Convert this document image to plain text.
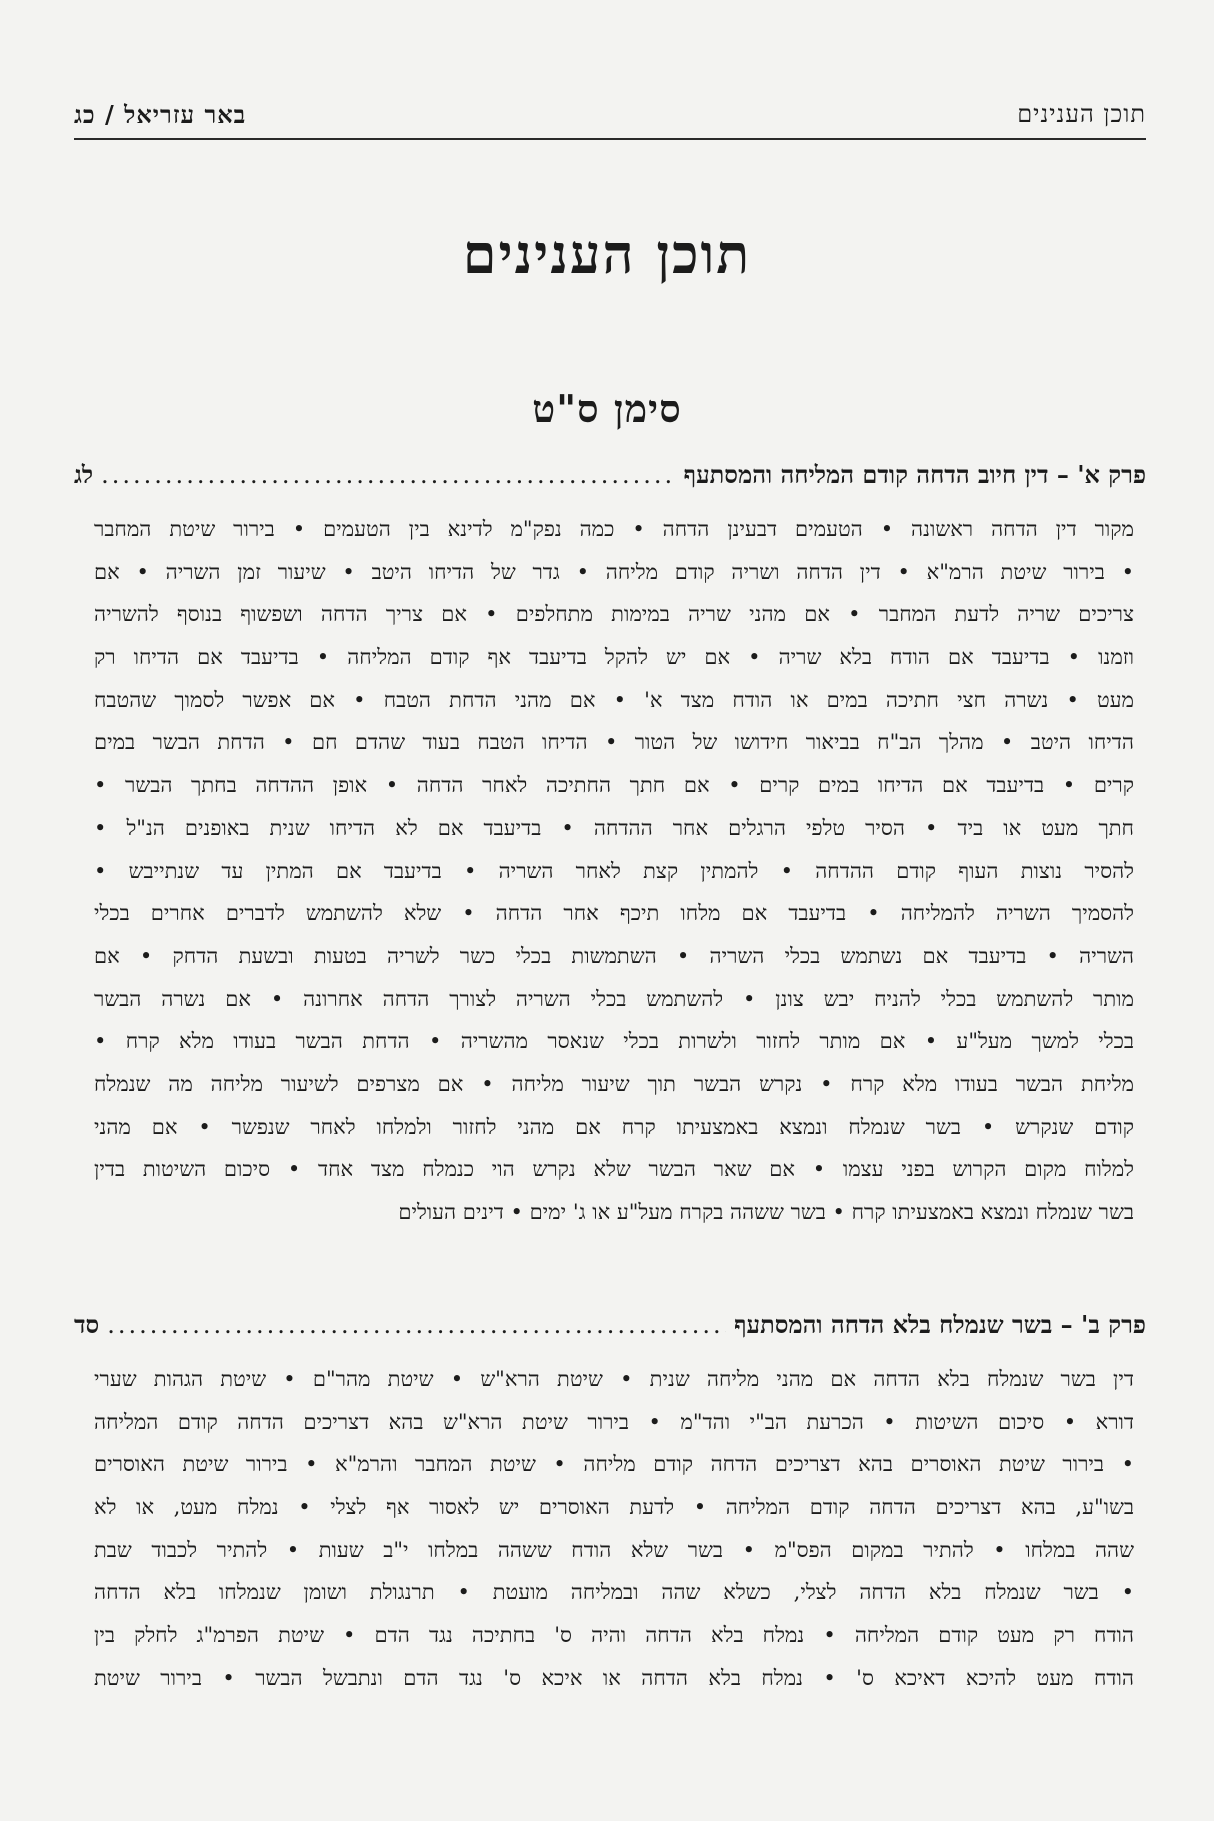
תוכן הענינים
באר עזריאל / כג
תוכן הענינים
סימן ס"ט
פרק א' – דין חיוב הדחה קודם המליחה והמסתעף
.....
לג
מקור דין הדחה ראשונה • הטעמים דבעינן הדחה • כמה נפק"מ לדינא בין הטעמים • בירור שיטת המחבר
• בירור שיטת הרמ"א • דין הדחה ושריה קודם מליחה • גדר של הדיחו היטב • שיעור זמן השריה • אם
צריכים שריה לדעת המחבר • אם מהני שריה במימות מתחלפים • אם צריך הדחה ושפשוף בנוסף להשריה
וזמנו • בדיעבד אם הודח בלא שריה • אם יש להקל בדיעבד אף קודם המליחה • בדיעבד אם הדיחו רק
מעט • נשרה חצי חתיכה במים או הודח מצד א' • אם מהני הדחת הטבח • אם אפשר לסמוך שהטבח
הדיחו היטב • מהלך הב"ח בביאור חידושו של הטור • הדיחו הטבח בעוד שהדם חם • הדחת הבשר במים
קרים • בדיעבד אם הדיחו במים קרים • אם חתך החתיכה לאחר הדחה • אופן ההדחה בחתך הבשר •
חתך מעט או ביד • הסיר טלפי הרגלים אחר ההדחה • בדיעבד אם לא הדיחו שנית באופנים הנ"ל •
להסיר נוצות העוף קודם ההדחה • להמתין קצת לאחר השריה • בדיעבד אם המתין עד שנתייבש •
להסמיך השריה להמליחה • בדיעבד אם מלחו תיכף אחר הדחה • שלא להשתמש לדברים אחרים בכלי
השריה • בדיעבד אם נשתמש בכלי השריה • השתמשות בכלי כשר לשריה בטעות ובשעת הדחק • אם
מותר להשתמש בכלי להניח יבש צונן • להשתמש בכלי השריה לצורך הדחה אחרונה • אם נשרה הבשר
בכלי למשך מעל"ע • אם מותר לחזור ולשרות בכלי שנאסר מהשריה • הדחת הבשר בעודו מלא קרח •
מליחת הבשר בעודו מלא קרח • נקרש הבשר תוך שיעור מליחה • אם מצרפים לשיעור מליחה מה שנמלח
קודם שנקרש • בשר שנמלח ונמצא באמצעיתו קרח אם מהני לחזור ולמלחו לאחר שנפשר • אם מהני
למלוח מקום הקרוש בפני עצמו • אם שאר הבשר שלא נקרש הוי כנמלח מצד אחד • סיכום השיטות בדין
בשר שנמלח ונמצא באמצעיתו קרח • בשר ששהה בקרח מעל"ע או ג' ימים • דינים העולים
פרק ב' – בשר שנמלח בלא הדחה והמסתעף
.....
סד
דין בשר שנמלח בלא הדחה אם מהני מליחה שנית • שיטת הרא"ש • שיטת מהר"ם • שיטת הגהות שערי
דורא • סיכום השיטות • הכרעת הב"י והד"מ • בירור שיטת הרא"ש בהא דצריכים הדחה קודם המליחה
• בירור שיטת האוסרים בהא דצריכים הדחה קודם מליחה • שיטת המחבר והרמ"א • בירור שיטת האוסרים
בשו"ע, בהא דצריכים הדחה קודם המליחה • לדעת האוסרים יש לאסור אף לצלי • נמלח מעט, או לא
שהה במלחו • להתיר במקום הפס"מ • בשר שלא הודח ששהה במלחו י"ב שעות • להתיר לכבוד שבת
• בשר שנמלח בלא הדחה לצלי, כשלא שהה ובמליחה מועטת • תרנגולת ושומן שנמלחו בלא הדחה
הודח רק מעט קודם המליחה • נמלח בלא הדחה והיה ס' בחתיכה נגד הדם • שיטת הפרמ"ג לחלק בין
הודח מעט להיכא דאיכא ס' • נמלח בלא הדחה או איכא ס' נגד הדם ונתבשל הבשר • בירור שיטת
